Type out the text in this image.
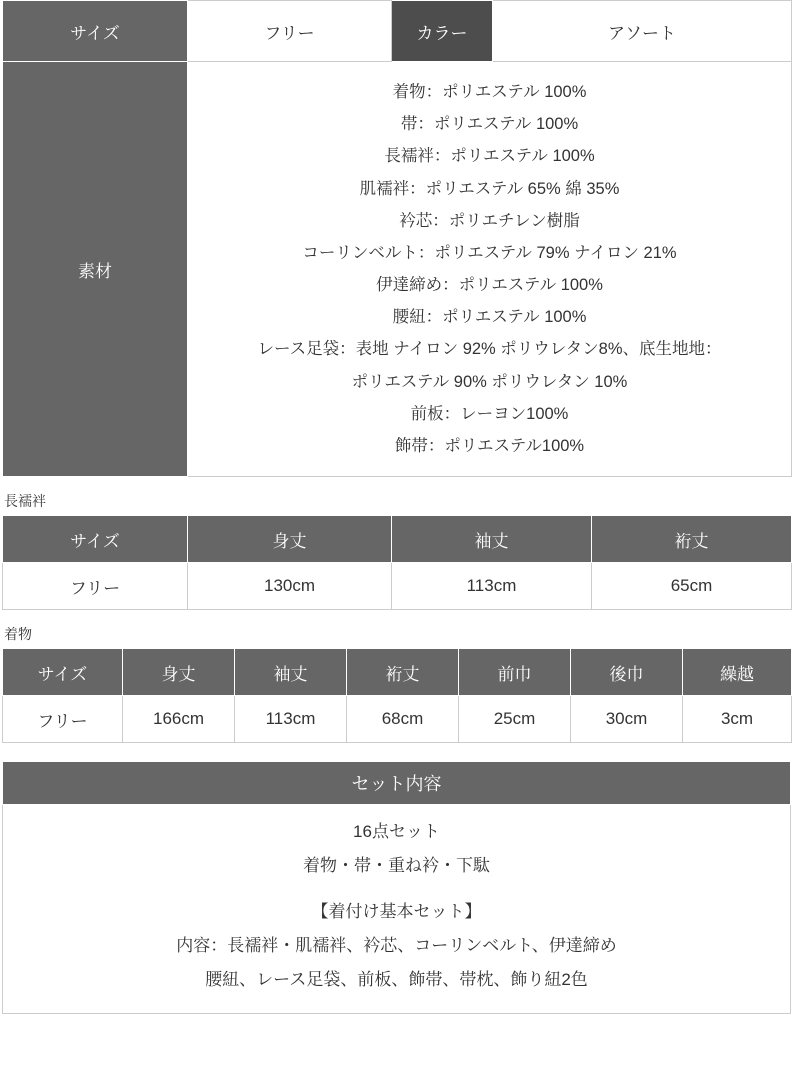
サイズ	フリー	カラー	アソート
素材	
着物：ポリエステル 100%
帯：ポリエステル 100%
長襦袢：ポリエステル 100%
肌襦袢：ポリエステル 65% 綿 35%
衿芯：ポリエチレン樹脂
コーリンベルト：ポリエステル 79% ナイロン 21%
伊達締め：ポリエステル 100%
腰紐：ポリエステル 100%
レース足袋：表地 ナイロン 92% ポリウレタン8%、底生地地：
ポリエステル 90% ポリウレタン 10%
前板：レーヨン100%
飾帯：ポリエステル100%
長襦袢
サイズ	身丈	袖丈	裄丈
フリー	130cm	113cm	65cm
着物
サイズ	身丈	袖丈	裄丈	前巾	後巾	繰越
フリー	166cm	113cm	68cm	25cm	30cm	3cm
セット内容
16点セット
着物・帯・重ね衿・下駄
【着付け基本セット】
内容：長襦袢・肌襦袢、衿芯、コーリンベルト、伊達締め
腰紐、レース足袋、前板、飾帯、帯枕、飾り紐2色
